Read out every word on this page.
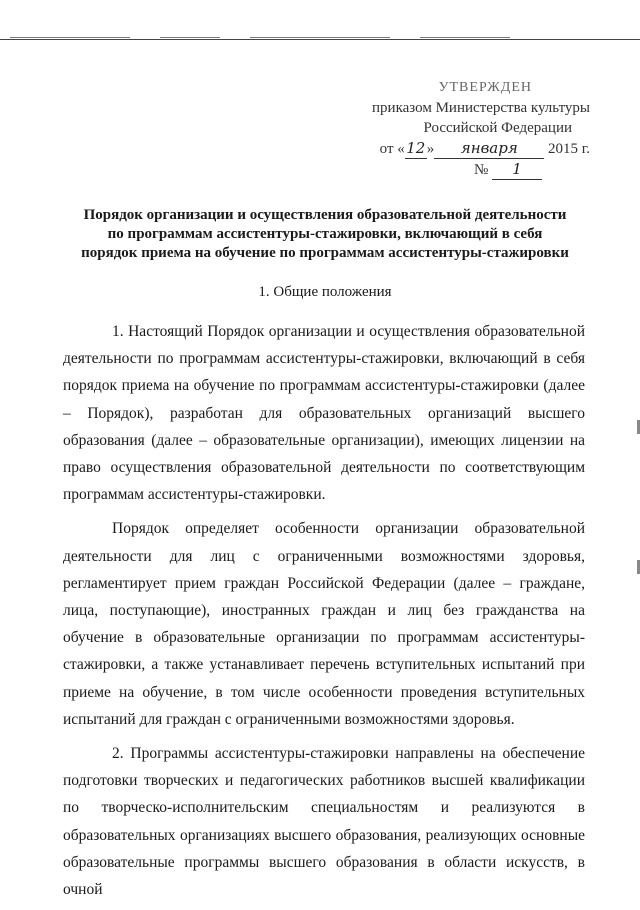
УТВЕРЖДЕН
приказом Министерства культуры
Российской Федерации
от «12» января 2015 г.
№ 1
Порядок организации и осуществления образовательной деятельности
по программам ассистентуры-стажировки, включающий в себя
порядок приема на обучение по программам ассистентуры-стажировки
1. Общие положения

1. Настоящий Порядок организации и осуществления образовательной деятельности по программам ассистентуры-стажировки, включающий в себя порядок приема на обучение по программам ассистентуры-стажировки (далее – Порядок), разработан для образовательных организаций высшего образования (далее – образовательные организации), имеющих лицензии на право осуществления образовательной деятельности по соответствующим программам ассистентуры-стажировки.

Порядок определяет особенности организации образовательной деятельности для лиц с ограниченными возможностями здоровья, регламентирует прием граждан Российской Федерации (далее – граждане, лица, поступающие), иностранных граждан и лиц без гражданства на обучение в образовательные организации по программам ассистентуры-стажировки, а также устанавливает перечень вступительных испытаний при приеме на обучение, в том числе особенности проведения вступительных испытаний для граждан с ограниченными возможностями здоровья.

2. Программы ассистентуры-стажировки направлены на обеспечение подготовки творческих и педагогических работников высшей квалификации по творческо-исполнительским специальностям и реализуются в образовательных организациях высшего образования, реализующих основные образовательные программы высшего образования в области искусств, в очной
